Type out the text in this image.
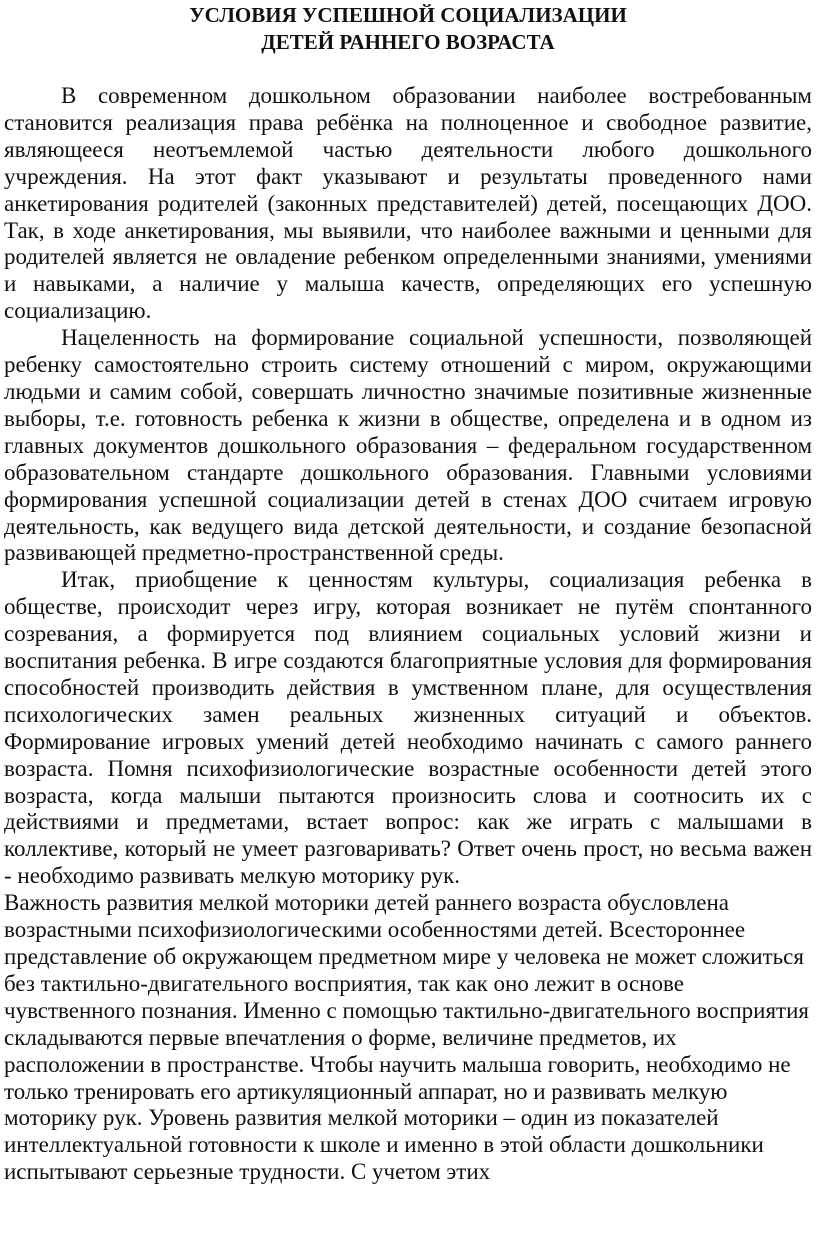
УСЛОВИЯ УСПЕШНОЙ СОЦИАЛИЗАЦИИ
ДЕТЕЙ РАННЕГО ВОЗРАСТА

В современном дошкольном образовании наиболее востребованным становится реализация права ребёнка на полноценное и свободное развитие, являющееся неотъемлемой частью деятельности любого дошкольного учреждения. На этот факт указывают и результаты проведенного нами анкетирования родителей (законных представителей) детей, посещающих ДОО. Так, в ходе анкетирования, мы выявили, что наиболее важными и ценными для родителей является не овладение ребенком определенными знаниями, умениями и навыками, а наличие у малыша качеств, определяющих его успешную социализацию.

Нацеленность на формирование социальной успешности, позволяющей ребенку самостоятельно строить систему отношений с миром, окружающими людьми и самим собой, совершать личностно значимые позитивные жизненные выборы, т.е. готовность ребенка к жизни в обществе, определена и в одном из главных документов дошкольного образования – федеральном государственном образовательном стандарте дошкольного образования. Главными условиями формирования успешной социализации детей в стенах ДОО считаем игровую деятельность, как ведущего вида детской деятельности, и создание безопасной развивающей предметно-пространственной среды.

Итак, приобщение к ценностям культуры, социализация ребенка в обществе, происходит через игру, которая возникает не путём спонтанного созревания, а формируется под влиянием социальных условий жизни и воспитания ребенка. В игре создаются благоприятные условия для формирования способностей производить действия в умственном плане, для осуществления психологических замен реальных жизненных ситуаций и объектов. Формирование игровых умений детей необходимо начинать с самого раннего возраста. Помня психофизиологические возрастные особенности детей этого возраста, когда малыши пытаются произносить слова и соотносить их с действиями и предметами, встает вопрос: как же играть с малышами в коллективе, который не умеет разговаривать? Ответ очень прост, но весьма важен - необходимо развивать мелкую моторику рук.

Важность развития мелкой моторики детей раннего возраста обусловлена возрастными психофизиологическими особенностями детей. Всестороннее представление об окружающем предметном мире у человека не может сложиться без тактильно-двигательного восприятия, так как оно лежит в основе чувственного познания. Именно с помощью тактильно-двигательного восприятия складываются первые впечатления о форме, величине предметов, их расположении в пространстве. Чтобы научить малыша говорить, необходимо не только тренировать его артикуляционный аппарат, но и развивать мелкую моторику рук. Уровень развития мелкой моторики – один из показателей интеллектуальной готовности к школе и именно в этой области дошкольники испытывают серьезные трудности. С учетом этих
